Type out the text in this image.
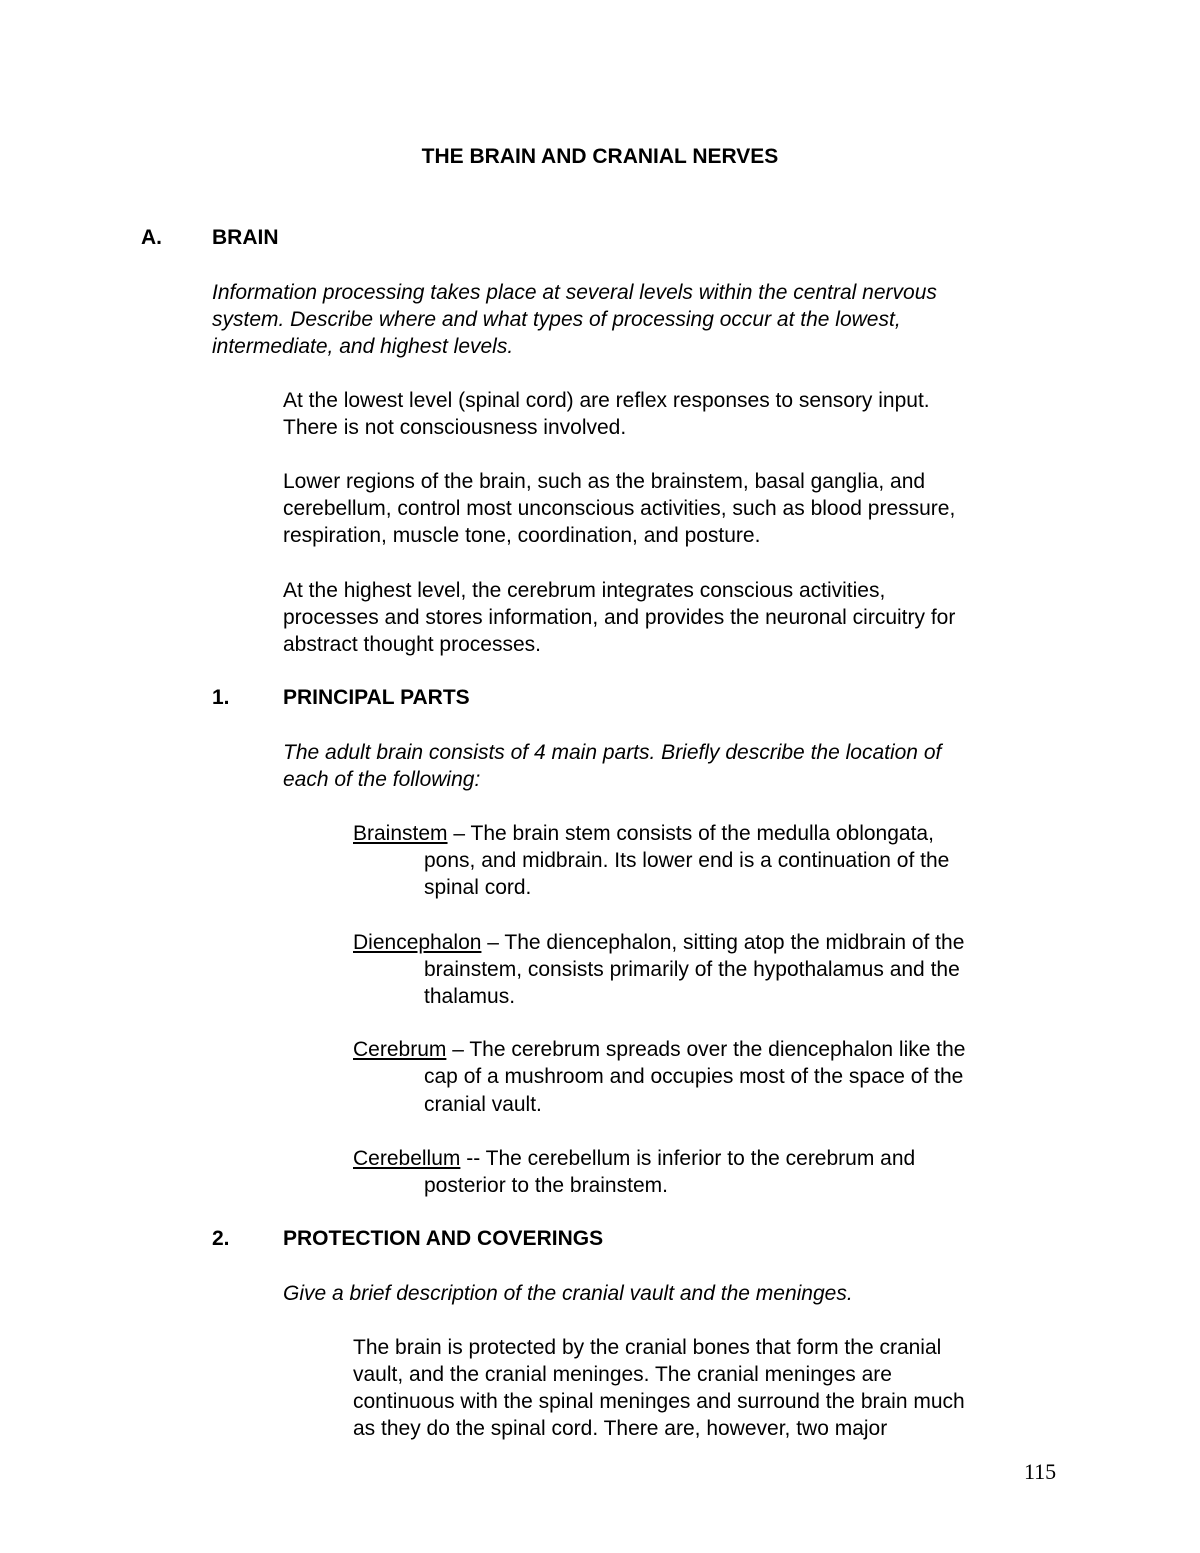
THE BRAIN AND CRANIAL NERVES
A. BRAIN
Information processing takes place at several levels within the central nervous
system. Describe where and what types of processing occur at the lowest,
intermediate, and highest levels.
At the lowest level (spinal cord) are reflex responses to sensory input.
There is not consciousness involved.
Lower regions of the brain, such as the brainstem, basal ganglia, and
cerebellum, control most unconscious activities, such as blood pressure,
respiration, muscle tone, coordination, and posture.
At the highest level, the cerebrum integrates conscious activities,
processes and stores information, and provides the neuronal circuitry for
abstract thought processes.
1.	PRINCIPAL PARTS
The adult brain consists of 4 main parts. Briefly describe the location of
each of the following:
Brainstem – The brain stem consists of the medulla oblongata,
pons, and midbrain. Its lower end is a continuation of the
spinal cord.
Diencephalon – The diencephalon, sitting atop the midbrain of the
brainstem, consists primarily of the hypothalamus and the
thalamus.
Cerebrum – The cerebrum spreads over the diencephalon like the
cap of a mushroom and occupies most of the space of the
cranial vault.
Cerebellum -- The cerebellum is inferior to the cerebrum and
posterior to the brainstem.
2.	PROTECTION AND COVERINGS
Give a brief description of the cranial vault and the meninges.
The brain is protected by the cranial bones that form the cranial
vault, and the cranial meninges. The cranial meninges are
continuous with the spinal meninges and surround the brain much
as they do the spinal cord. There are, however, two major
115
